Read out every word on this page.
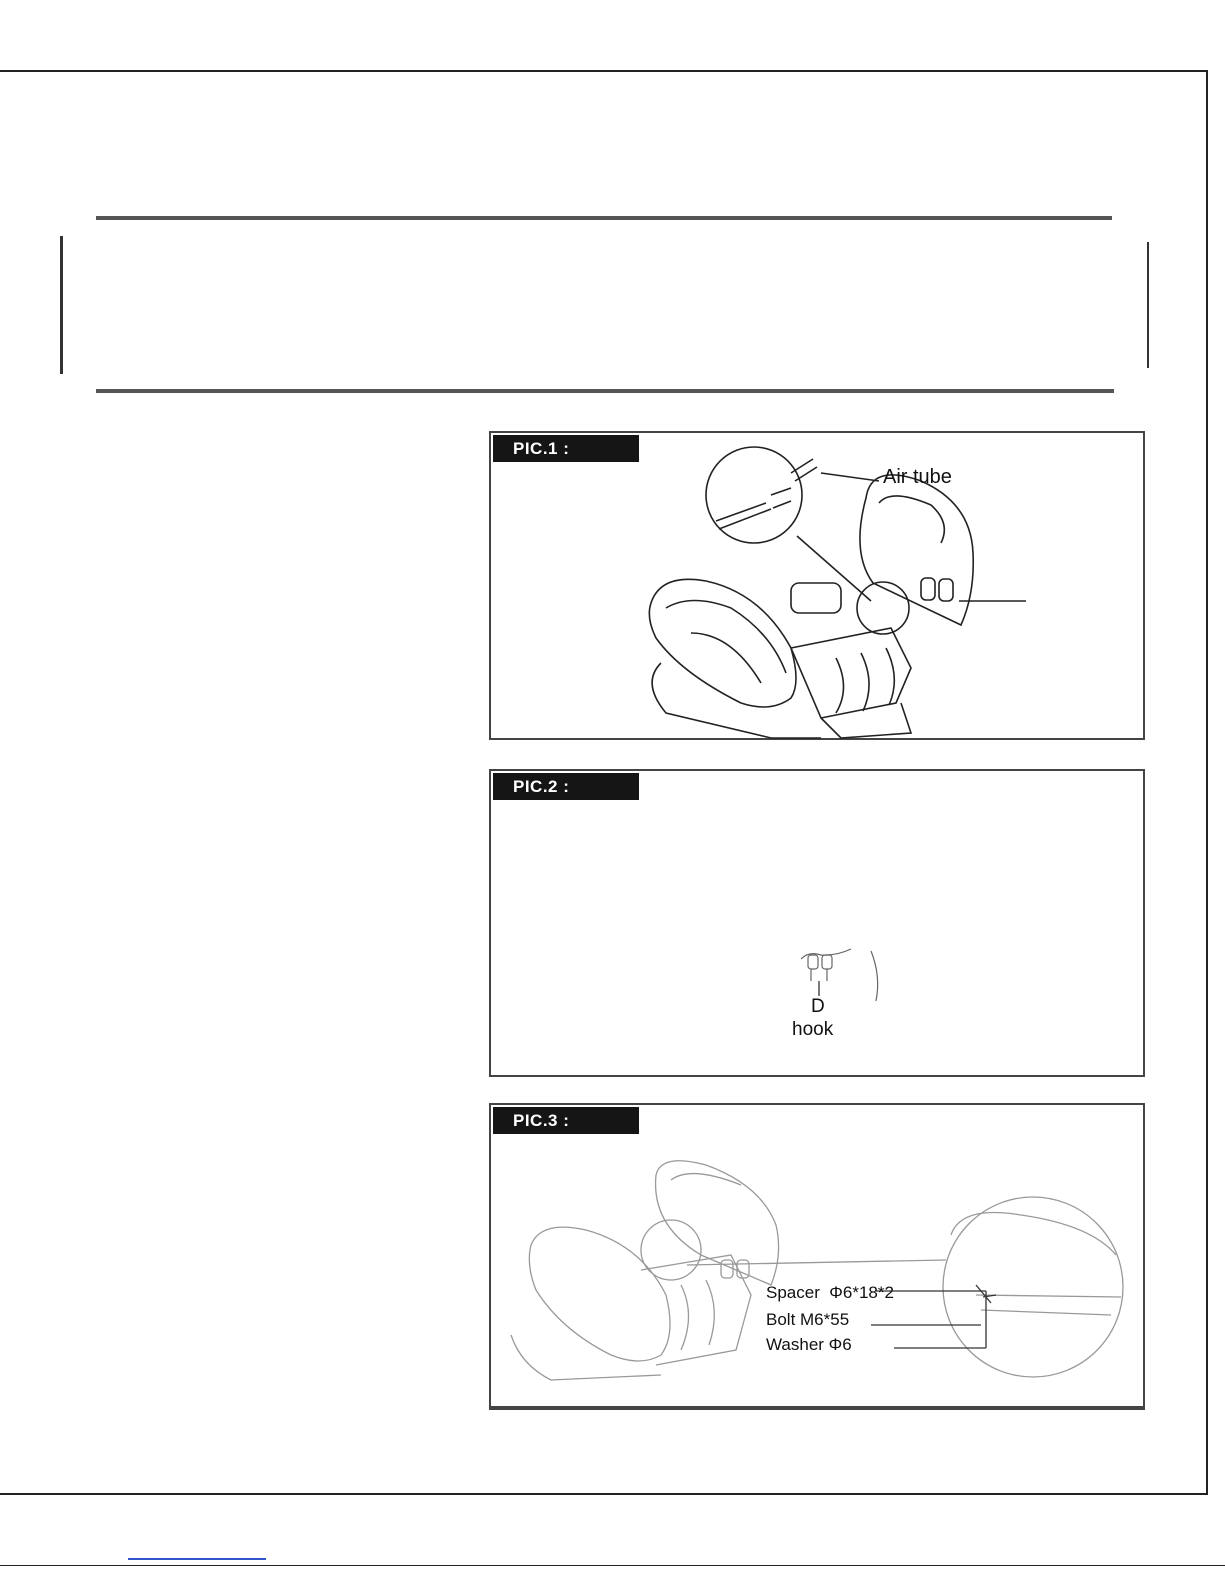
PIC.1 :
Air tube
PIC.2 :
D
hook
PIC.3 :
Spacer  Φ6*18*2
Bolt M6*55
Washer Φ6
